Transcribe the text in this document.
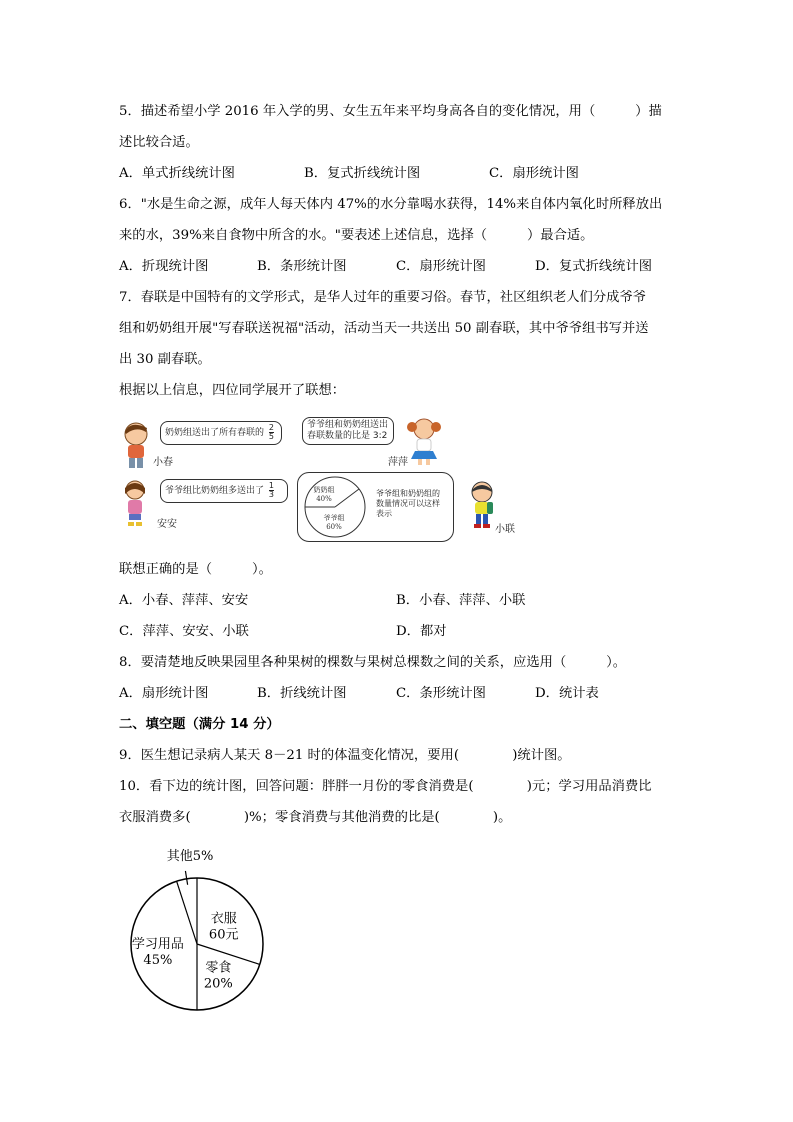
5．描述希望小学 2016 年入学的男、女生五年来平均身高各自的变化情况，用（　　　）描
述比较合适。
A．单式折线统计图	B．复式折线统计图	C．扇形统计图
6．"水是生命之源，成年人每天体内 47%的水分靠喝水获得，14%来自体内氧化时所释放出
来的水，39%来自食物中所含的水。"要表述上述信息，选择（　　　）最合适。
A．折现统计图	B．条形统计图	C．扇形统计图	D．复式折线统计图
7．春联是中国特有的文学形式，是华人过年的重要习俗。春节，社区组织老人们分成爷爷
组和奶奶组开展"写春联送祝福"活动，活动当天一共送出 50 副春联，其中爷爷组书写并送
出 30 副春联。
根据以上信息，四位同学展开了联想：
奶奶组送出了所有春联的 $\frac{2}{5}$
小春
爷爷组和奶奶组送出
春联数量的比是 3:2
萍萍
爷爷组比奶奶组多送出了 $\frac{1}{3}$
安安
奶奶组
40%
爷爷组
60%
爷爷组和奶奶组的
数量情况可以这样
表示
小联
联想正确的是（　　　）。
A．小春、萍萍、安安	B．小春、萍萍、小联
C．萍萍、安安、小联	D．都对
8．要清楚地反映果园里各种果树的棵数与果树总棵数之间的关系，应选用（　　　）。
A．扇形统计图	B．折线统计图	C．条形统计图	D．统计表
二、填空题（满分 14 分）
9．医生想记录病人某天 8－21 时的体温变化情况，要用(　　　　)统计图。
10．看下边的统计图，回答问题：胖胖一月份的零食消费是(　　　　)元；学习用品消费比
衣服消费多(　　　　)%；零食消费与其他消费的比是(　　　　)。
衣服
60元
零食
20%
学习用品
45%
其他5%
